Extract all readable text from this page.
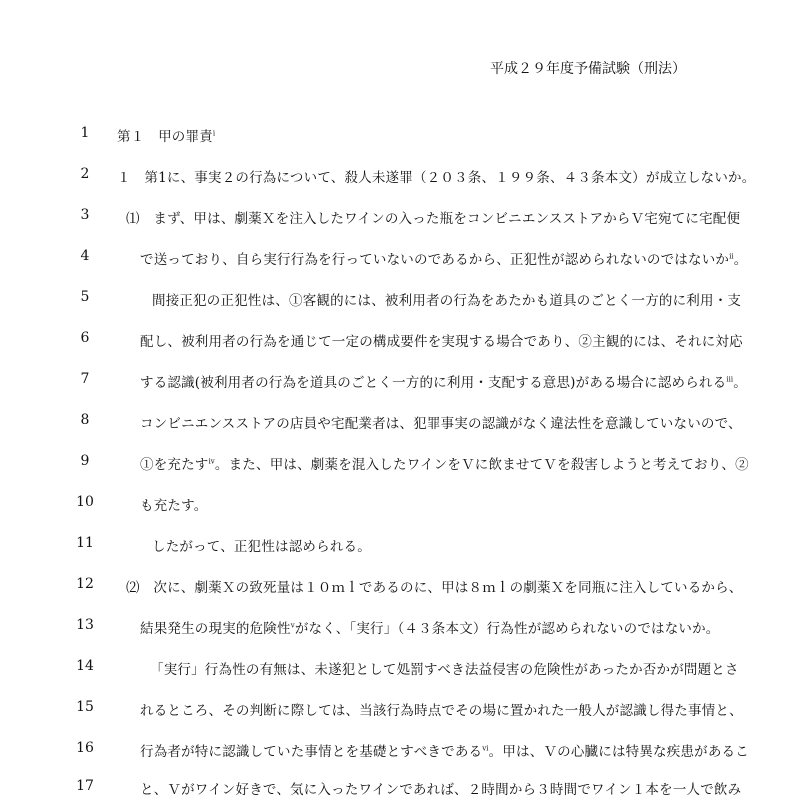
平成２９年度予備試験（刑法）
1	第１　甲の罪責$^ⅰ$
2	１　第1に、事実２の行為について、殺人未遂罪（２０３条、１９９条、４３条本文）が成立しないか。
3	⑴　まず、甲は、劇薬Ｘを注入したワインの入った瓶をコンビニエンスストアからＶ宅宛てに宅配便
4	で送っており、自ら実行行為を行っていないのであるから、正犯性が認められないのではないか$^ⅱ$。
5	間接正犯の正犯性は、①客観的には、被利用者の行為をあたかも道具のごとく一方的に利用・支
6	配し、被利用者の行為を通じて一定の構成要件を実現する場合であり、②主観的には、それに対応
7	する認識(被利用者の行為を道具のごとく一方的に利用・支配する意思)がある場合に認められる$^ⅲ$。
8	コンビニエンスストアの店員や宅配業者は、犯罪事実の認識がなく違法性を意識していないので、
9	①を充たす$^ⅳ$。また、甲は、劇薬を混入したワインをＶに飲ませてＶを殺害しようと考えており、②
10	も充たす。
11	したがって、正犯性は認められる。
12	⑵　次に、劇薬Ｘの致死量は１０ｍｌであるのに、甲は８ｍｌの劇薬Ｘを同瓶に注入しているから、
13	結果発生の現実的危険性$^ⅴ$がなく、「実行」（４３条本文）行為性が認められないのではないか。
14	「実行」行為性の有無は、未遂犯として処罰すべき法益侵害の危険性があったか否かが問題とさ
15	れるところ、その判断に際しては、当該行為時点でその場に置かれた一般人が認識し得た事情と、
16	行為者が特に認識していた事情とを基礎とすべきである$^ⅵ$。甲は、Ｖの心臓には特異な疾患があるこ
17	と、Ｖがワイン好きで、気に入ったワインであれば、２時間から３時間でワイン１本を一人で飲み
